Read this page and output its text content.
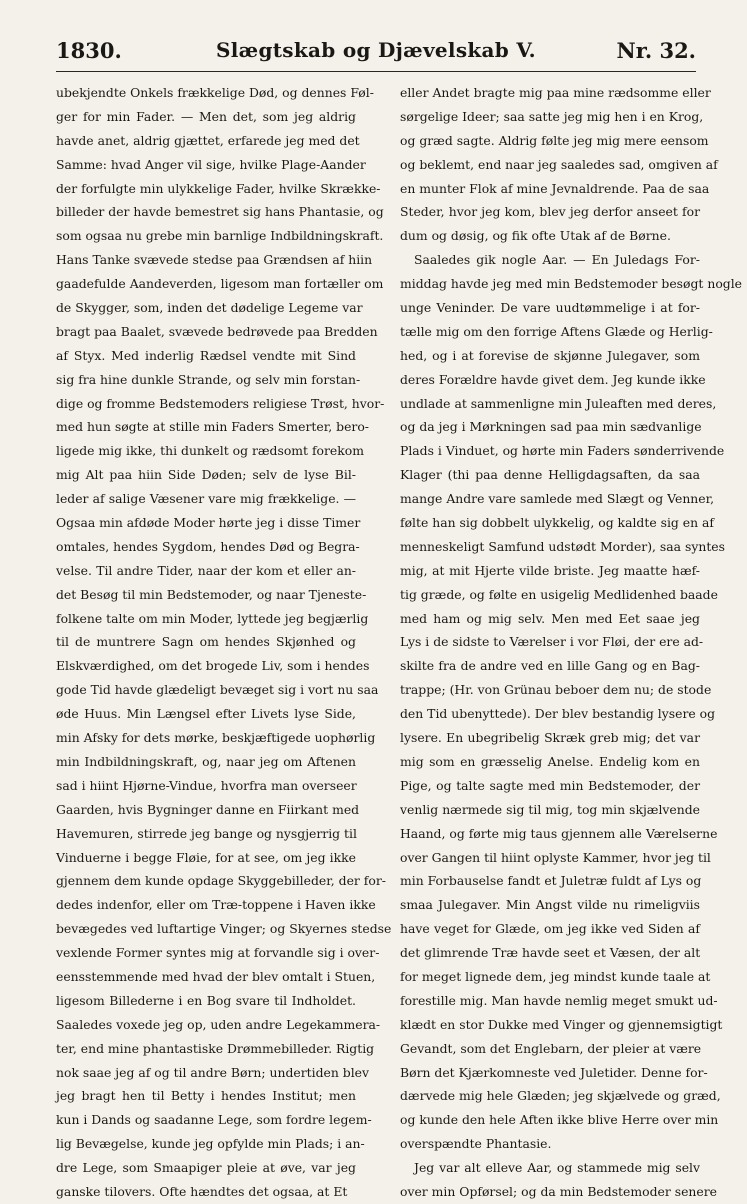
1830.	Slægtskab og Djævelskab V.	Nr. 32.
ubekjendte Onkels frækkelige Død, og dennes Føl-
ger for min Fader. — Men det, som jeg aldrig
havde anet, aldrig gjættet, erfarede jeg med det
Samme: hvad Anger vil sige, hvilke Plage-Aander
der forfulgte min ulykkelige Fader, hvilke Skrække-
billeder der havde bemestret sig hans Phantasie, og
som ogsaa nu grebe min barnlige Indbildningskraft.
Hans Tanke svævede stedse paa Grændsen af hiin
gaadefulde Aandeverden, ligesom man fortæller om
de Skygger, som, inden det dødelige Legeme var
bragt paa Baalet, svævede bedrøvede paa Bredden
af Styx. Med inderlig Rædsel vendte mit Sind
sig fra hine dunkle Strande, og selv min forstan-
dige og fromme Bedstemoders religiese Trøst, hvor-
med hun søgte at stille min Faders Smerter, bero-
ligede mig ikke, thi dunkelt og rædsomt forekom
mig Alt paa hiin Side Døden; selv de lyse Bil-
leder af salige Væsener vare mig frækkelige. —
Ogsaa min afdøde Moder hørte jeg i disse Timer
omtales, hendes Sygdom, hendes Død og Begra-
velse. Til andre Tider, naar der kom et eller an-
det Besøg til min Bedstemoder, og naar Tjeneste-
folkene talte om min Moder, lyttede jeg begjærlig
til de muntrere Sagn om hendes Skjønhed og
Elskværdighed, om det brogede Liv, som i hendes
gode Tid havde glædeligt bevæget sig i vort nu saa
øde Huus. Min Længsel efter Livets lyse Side,
min Afsky for dets mørke, beskjæftigede uophørlig
min Indbildningskraft, og, naar jeg om Aftenen
sad i hiint Hjørne-Vindue, hvorfra man overseer
Gaarden, hvis Bygninger danne en Fiirkant med
Havemuren, stirrede jeg bange og nysgjerrig til
Vinduerne i begge Fløie, for at see, om jeg ikke
gjennem dem kunde opdage Skyggebilleder, der for-
dedes indenfor, eller om Træ-toppene i Haven ikke
bevægedes ved luftartige Vinger; og Skyernes stedse
vexlende Former syntes mig at forvandle sig i over-
eensstemmende med hvad der blev omtalt i Stuen,
ligesom Billederne i en Bog svare til Indholdet.
Saaledes voxede jeg op, uden andre Legekammera-
ter, end mine phantastiske Drømmebilleder. Rigtig
nok saae jeg af og til andre Børn; undertiden blev
jeg bragt hen til Betty i hendes Institut; men
kun i Dands og saadanne Lege, som fordre legem-
lig Bevægelse, kunde jeg opfylde min Plads; i an-
dre Lege, som Smaapiger pleie at øve, var jeg
ganske tilovers. Ofte hændtes det ogsaa, at Et
eller Andet bragte mig paa mine rædsomme eller
sørgelige Ideer; saa satte jeg mig hen i en Krog,
og græd sagte. Aldrig følte jeg mig mere eensom
og beklemt, end naar jeg saaledes sad, omgiven af
en munter Flok af mine Jevnaldrende. Paa de saa
Steder, hvor jeg kom, blev jeg derfor anseet for
dum og døsig, og fik ofte Utak af de Børne.
Saaledes gik nogle Aar. — En Juledags For-
middag havde jeg med min Bedstemoder besøgt nogle
unge Veninder. De vare uudtømmelige i at for-
tælle mig om den forrige Aftens Glæde og Herlig-
hed, og i at forevise de skjønne Julegaver, som
deres Forældre havde givet dem. Jeg kunde ikke
undlade at sammenligne min Juleaften med deres,
og da jeg i Mørkningen sad paa min sædvanlige
Plads i Vinduet, og hørte min Faders sønderrivende
Klager (thi paa denne Helligdagsaften, da saa
mange Andre vare samlede med Slægt og Venner,
følte han sig dobbelt ulykkelig, og kaldte sig en af
menneskeligt Samfund udstødt Morder), saa syntes
mig, at mit Hjerte vilde briste. Jeg maatte hæf-
tig græde, og følte en usigelig Medlidenhed baade
med ham og mig selv. Men med Eet saae jeg
Lys i de sidste to Værelser i vor Fløi, der ere ad-
skilte fra de andre ved en lille Gang og en Bag-
trappe; (Hr. von Grünau beboer dem nu; de stode
den Tid ubenyttede). Der blev bestandig lysere og
lysere. En ubegribelig Skræk greb mig; det var
mig som en græsselig Anelse. Endelig kom en
Pige, og talte sagte med min Bedstemoder, der
venlig nærmede sig til mig, tog min skjælvende
Haand, og førte mig taus gjennem alle Værelserne
over Gangen til hiint oplyste Kammer, hvor jeg til
min Forbauselse fandt et Juletræ fuldt af Lys og
smaa Julegaver. Min Angst vilde nu rimeligviis
have veget for Glæde, om jeg ikke ved Siden af
det glimrende Træ havde seet et Væsen, der alt
for meget lignede dem, jeg mindst kunde taale at
forestille mig. Man havde nemlig meget smukt ud-
klædt en stor Dukke med Vinger og gjennemsigtigt
Gevandt, som det Englebarn, der pleier at være
Børn det Kjærkomneste ved Juletider. Denne for-
dærvede mig hele Glæden; jeg skjælvede og græd,
og kunde den hele Aften ikke blive Herre over min
overspændte Phantasie.
Jeg var alt elleve Aar, og stammede mig selv
over min Opførsel; og da min Bedstemoder senere
